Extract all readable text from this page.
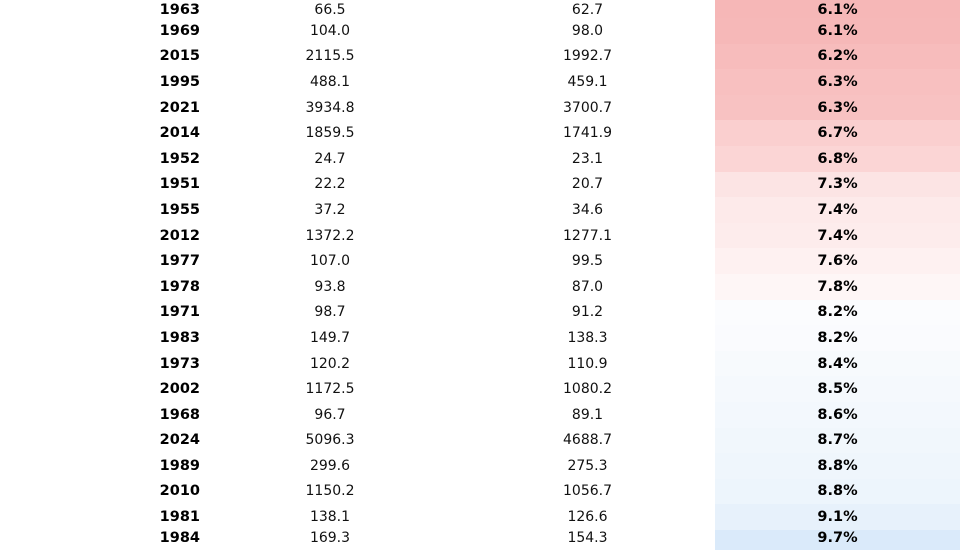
1963	66.5	62.7	6.1%
1969	104.0	98.0	6.1%
2015	2115.5	1992.7	6.2%
1995	488.1	459.1	6.3%
2021	3934.8	3700.7	6.3%
2014	1859.5	1741.9	6.7%
1952	24.7	23.1	6.8%
1951	22.2	20.7	7.3%
1955	37.2	34.6	7.4%
2012	1372.2	1277.1	7.4%
1977	107.0	99.5	7.6%
1978	93.8	87.0	7.8%
1971	98.7	91.2	8.2%
1983	149.7	138.3	8.2%
1973	120.2	110.9	8.4%
2002	1172.5	1080.2	8.5%
1968	96.7	89.1	8.6%
2024	5096.3	4688.7	8.7%
1989	299.6	275.3	8.8%
2010	1150.2	1056.7	8.8%
1981	138.1	126.6	9.1%
1984	169.3	154.3	9.7%
